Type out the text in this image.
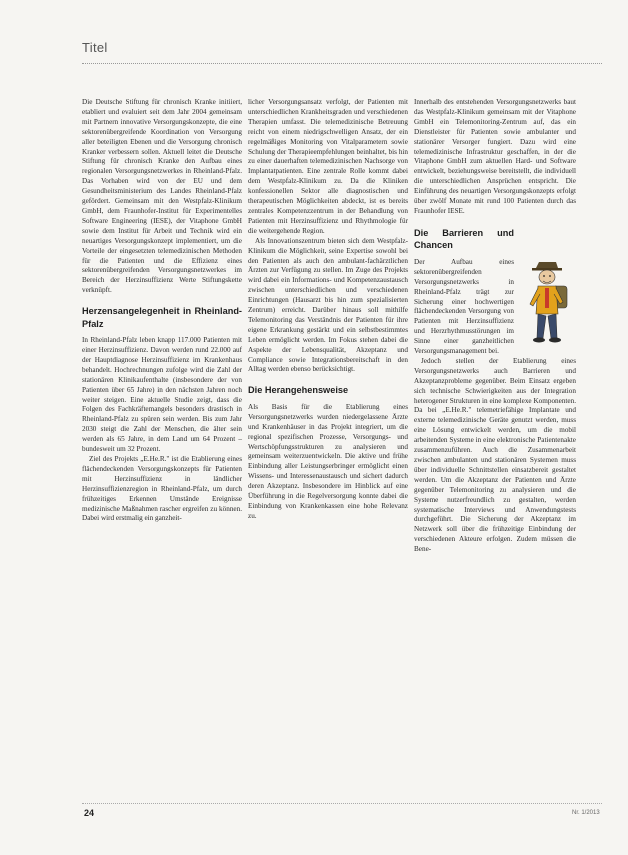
Titel

Die Deutsche Stiftung für chronisch Kranke initiiert, etabliert und evaluiert seit dem Jahr 2004 gemeinsam mit Partnern innovative Versorgungskonzepte, die eine sektorenübergreifende Koordination von Versorgung aller beteiligten Ebenen und die Versorgung chronisch Kranker verbessern sollen. Aktuell leitet die Deutsche Stiftung für chronisch Kranke den Aufbau eines regionalen Versorgungsnetzwerkes in Rheinland-Pfalz. Das Vorhaben wird von der EU und dem Gesundheitsministerium des Landes Rheinland-Pfalz gefördert. Gemeinsam mit den Westpfalz-Klinikum GmbH, dem Fraunhofer-Institut für Experimentelles Software Engineering (IESE), der Vitaphone GmbH sowie dem Institut für Arbeit und Technik wird ein neuartiges Versorgungskonzept implementiert, um die Vorteile der eingesetzten telemedizinischen Methoden für die Patienten und die Effizienz eines sektorenübergreifenden Versorgungsnetzwerkes im Bereich der Herzinsuffizienz Werte Stiftungskette verknüpft.

Herzensangelegenheit in Rheinland-Pfalz

In Rheinland-Pfalz leben knapp 117.000 Patienten mit einer Herzinsuffizienz. Davon werden rund 22.000 auf der Hauptdiagnose Herzinsuffizienz im Krankenhaus behandelt. Hochrechnungen zufolge wird die Zahl der stationären Klinikaufenthalte (insbesondere der von Patienten über 65 Jahre) in den nächsten Jahren noch weiter steigen. Eine aktuelle Studie zeigt, dass die Folgen des Fachkräftemangels besonders drastisch in Rheinland-Pfalz zu spüren sein werden. Bis zum Jahr 2030 steigt die Zahl der Menschen, die älter sein werden als 65 Jahre, in dem Land um 64 Prozent – bundesweit um 32 Prozent.

Ziel des Projekts „E.He.R." ist die Etablierung eines flächendeckenden Versorgungskonzepts für Patienten mit Herzinsuffizienz in ländlicher Herzinsuffizienzregion in Rheinland-Pfalz, um durch frühzeitiges Erkennen Umstände Ereignisse medizinische Maßnahmen rascher ergreifen zu können. Dabei wird erstmalig ein ganzheit-

licher Versorgungsansatz verfolgt, der Patienten mit unterschiedlichen Krankheitsgraden und verschiedenen Therapien umfasst. Die telemedizinische Betreuung reicht von einem niedrigschwelligen Ansatz, der ein regelmäßiges Monitoring von Vitalparametern sowie Schulung der Therapieempfehlungen beinhaltet, bis hin zu einer dauerhaften telemedizinischen Nachsorge von Implantatpatienten. Eine zentrale Rolle kommt dabei dem Westpfalz-Klinikum zu. Da die Kliniken konfessionellen Sektor alle diagnostischen und therapeutischen Möglichkeiten abdeckt, ist es bereits zentrales Kompetenzzentrum in der Behandlung von Patienten mit Herzinsuffizienz und Rhythmologie für die weitergehende Region.

Als Innovationszentrum bieten sich dem Westpfalz-Klinikum die Möglichkeit, seine Expertise sowohl bei den Patienten als auch den ambulant-fachärztlichen Ärzten zur Verfügung zu stellen. Im Zuge des Projekts wird dabei ein Informations- und Kompetenzaustausch zwischen unterschiedlichen und verschiedenen Einrichtungen (Hausarzt bis hin zum spezialisierten Zentrum) erreicht. Darüber hinaus soll mithilfe Telemonitoring das Verständnis der Patienten für ihre eigene Erkrankung gestärkt und ein selbstbestimmtes Leben ermöglicht werden. Im Fokus stehen dabei die Aspekte der Lebensqualität, Akzeptanz und Compliance sowie Integrationsbereitschaft in den Alltag werden ebenso berücksichtigt.

Die Herangehensweise

Als Basis für die Etablierung eines Versorgungsnetzwerks wurden niedergelassene Ärzte und Krankenhäuser in das Projekt integriert, um die regional spezifischen Prozesse, Versorgungs- und Wertschöpfungsstrukturen zu analysieren und gemeinsam weiterzuentwickeln. Die aktive und frühe Einbindung aller Leistungserbringer ermöglicht einen Wissens- und Interessenaustausch und sichert dadurch deren Akzeptanz. Insbesondere im Hinblick auf eine Überführung in die Regelversorgung konnte dabei die Einbindung von Krankenkassen eine hohe Relevanz zu.

Innerhalb des entstehenden Versorgungsnetzwerks baut das Westpfalz-Klinikum gemeinsam mit der Vitaphone GmbH ein Telemonitoring-Zentrum auf, das ein Dienstleister für Patienten sowie ambulanter und stationärer Versorger fungiert. Dazu wird eine telemedizinische Infrastruktur geschaffen, in der die Vitaphone GmbH zum aktuellen Hard- und Software entwickelt, beziehungsweise bereitstellt, die individuell die unterschiedlichen Ansprüchen entspricht. Die Einführung des neuartigen Versorgungskonzepts erfolgt über zwölf Monate mit rund 100 Patienten durch das Fraunhofer IESE.

Die Barrieren und Chancen

Der Aufbau eines sektorenübergreifenden Versorgungsnetzwerks in Rheinland-Pfalz trägt zur Sicherung einer hochwertigen flächendeckenden Versorgung von Patienten mit Herzinsuffizienz und Herzrhythmusstörungen im Sinne einer ganzheitlichen Versorgungsmanagement bei.

Jedoch stellen der Etablierung eines Versorgungsnetzwerks auch Barrieren und Akzeptanzprobleme gegenüber. Beim Einsatz ergeben sich technische Schwierigkeiten aus der Integration heterogener Strukturen in eine komplexe Komponenten. Da bei „E.He.R." telemetriefähige Implantate und externe telemedizinische Geräte genutzt werden, muss eine Lösung entwickelt werden, um die mobil arbeitenden Systeme in eine elektronische Patientenakte zusammenzuführen. Auch die Zusammenarbeit zwischen ambulanten und stationären Systemen muss über individuelle Schnittstellen einsatzbereit gestaltet werden. Um die Akzeptanz der Patienten und Ärzte gegenüber Telemonitoring zu analysieren und die Systeme nutzerfreundlich zu gestalten, werden systematische Interviews und Anwendungstests durchgeführt. Die Sicherung der Akzeptanz im Netzwerk soll über die frühzeitige Einbindung der verschiedenen Akteure erfolgen. Zudem müssen die Bene-

24	Nr. 1/2013
